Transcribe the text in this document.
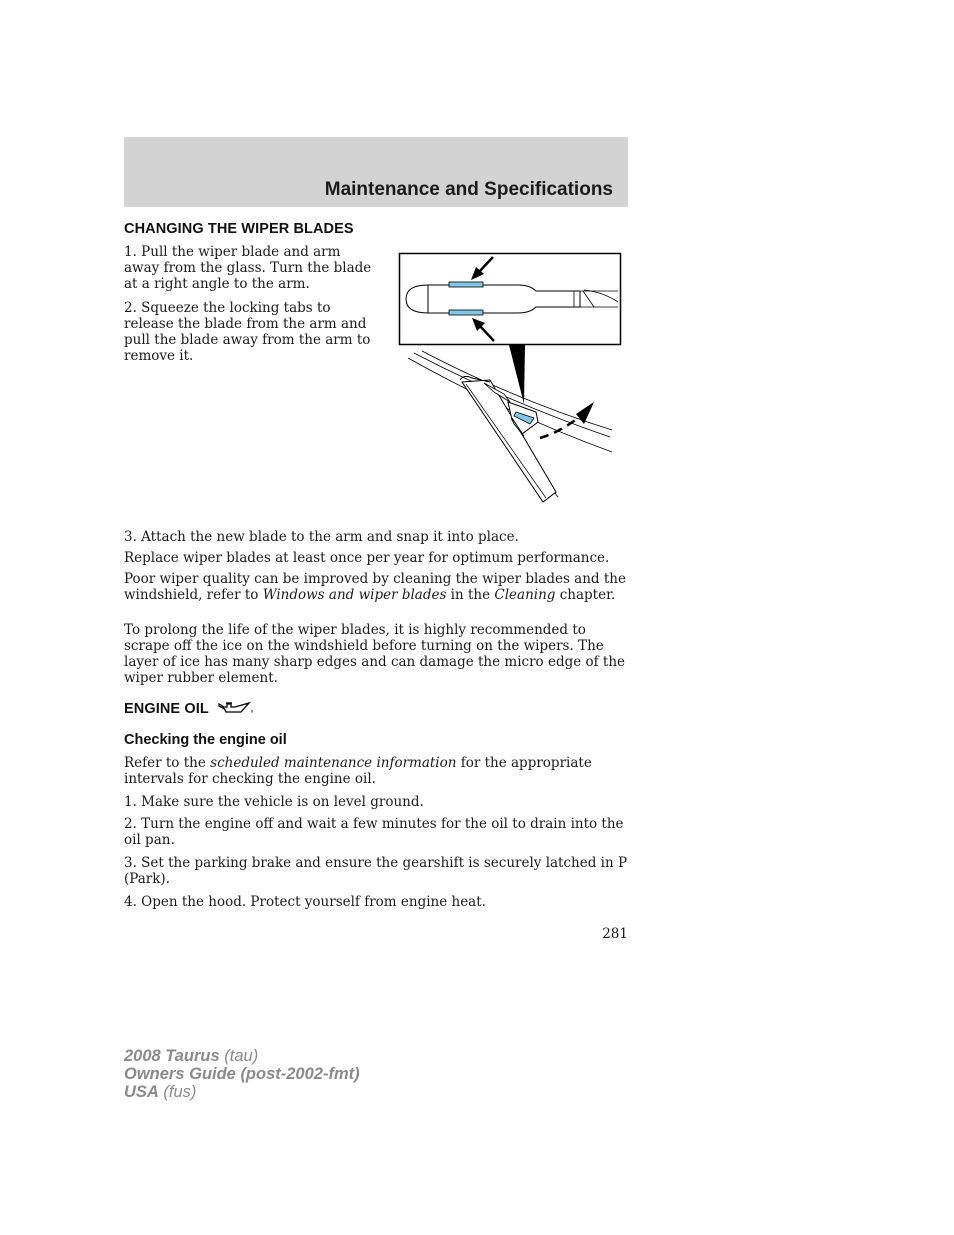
Maintenance and Specifications
CHANGING THE WIPER BLADES

1. Pull the wiper blade and arm away from the glass. Turn the blade at a right angle to the arm.

2. Squeeze the locking tabs to release the blade from the arm and pull the blade away from the arm to remove it.

3. Attach the new blade to the arm and snap it into place.

Replace wiper blades at least once per year for optimum performance.

Poor wiper quality can be improved by cleaning the wiper blades and the windshield, refer to Windows and wiper blades in the Cleaning chapter.

To prolong the life of the wiper blades, it is highly recommended to scrape off the ice on the windshield before turning on the wipers. The layer of ice has many sharp edges and can damage the micro edge of the wiper rubber element.

ENGINE OIL
Checking the engine oil

Refer to the scheduled maintenance information for the appropriate intervals for checking the engine oil.

1. Make sure the vehicle is on level ground.

2. Turn the engine off and wait a few minutes for the oil to drain into the oil pan.

3. Set the parking brake and ensure the gearshift is securely latched in P (Park).

4. Open the hood. Protect yourself from engine heat.

281
2008 Taurus (tau)
Owners Guide (post-2002-fmt)
USA (fus)
